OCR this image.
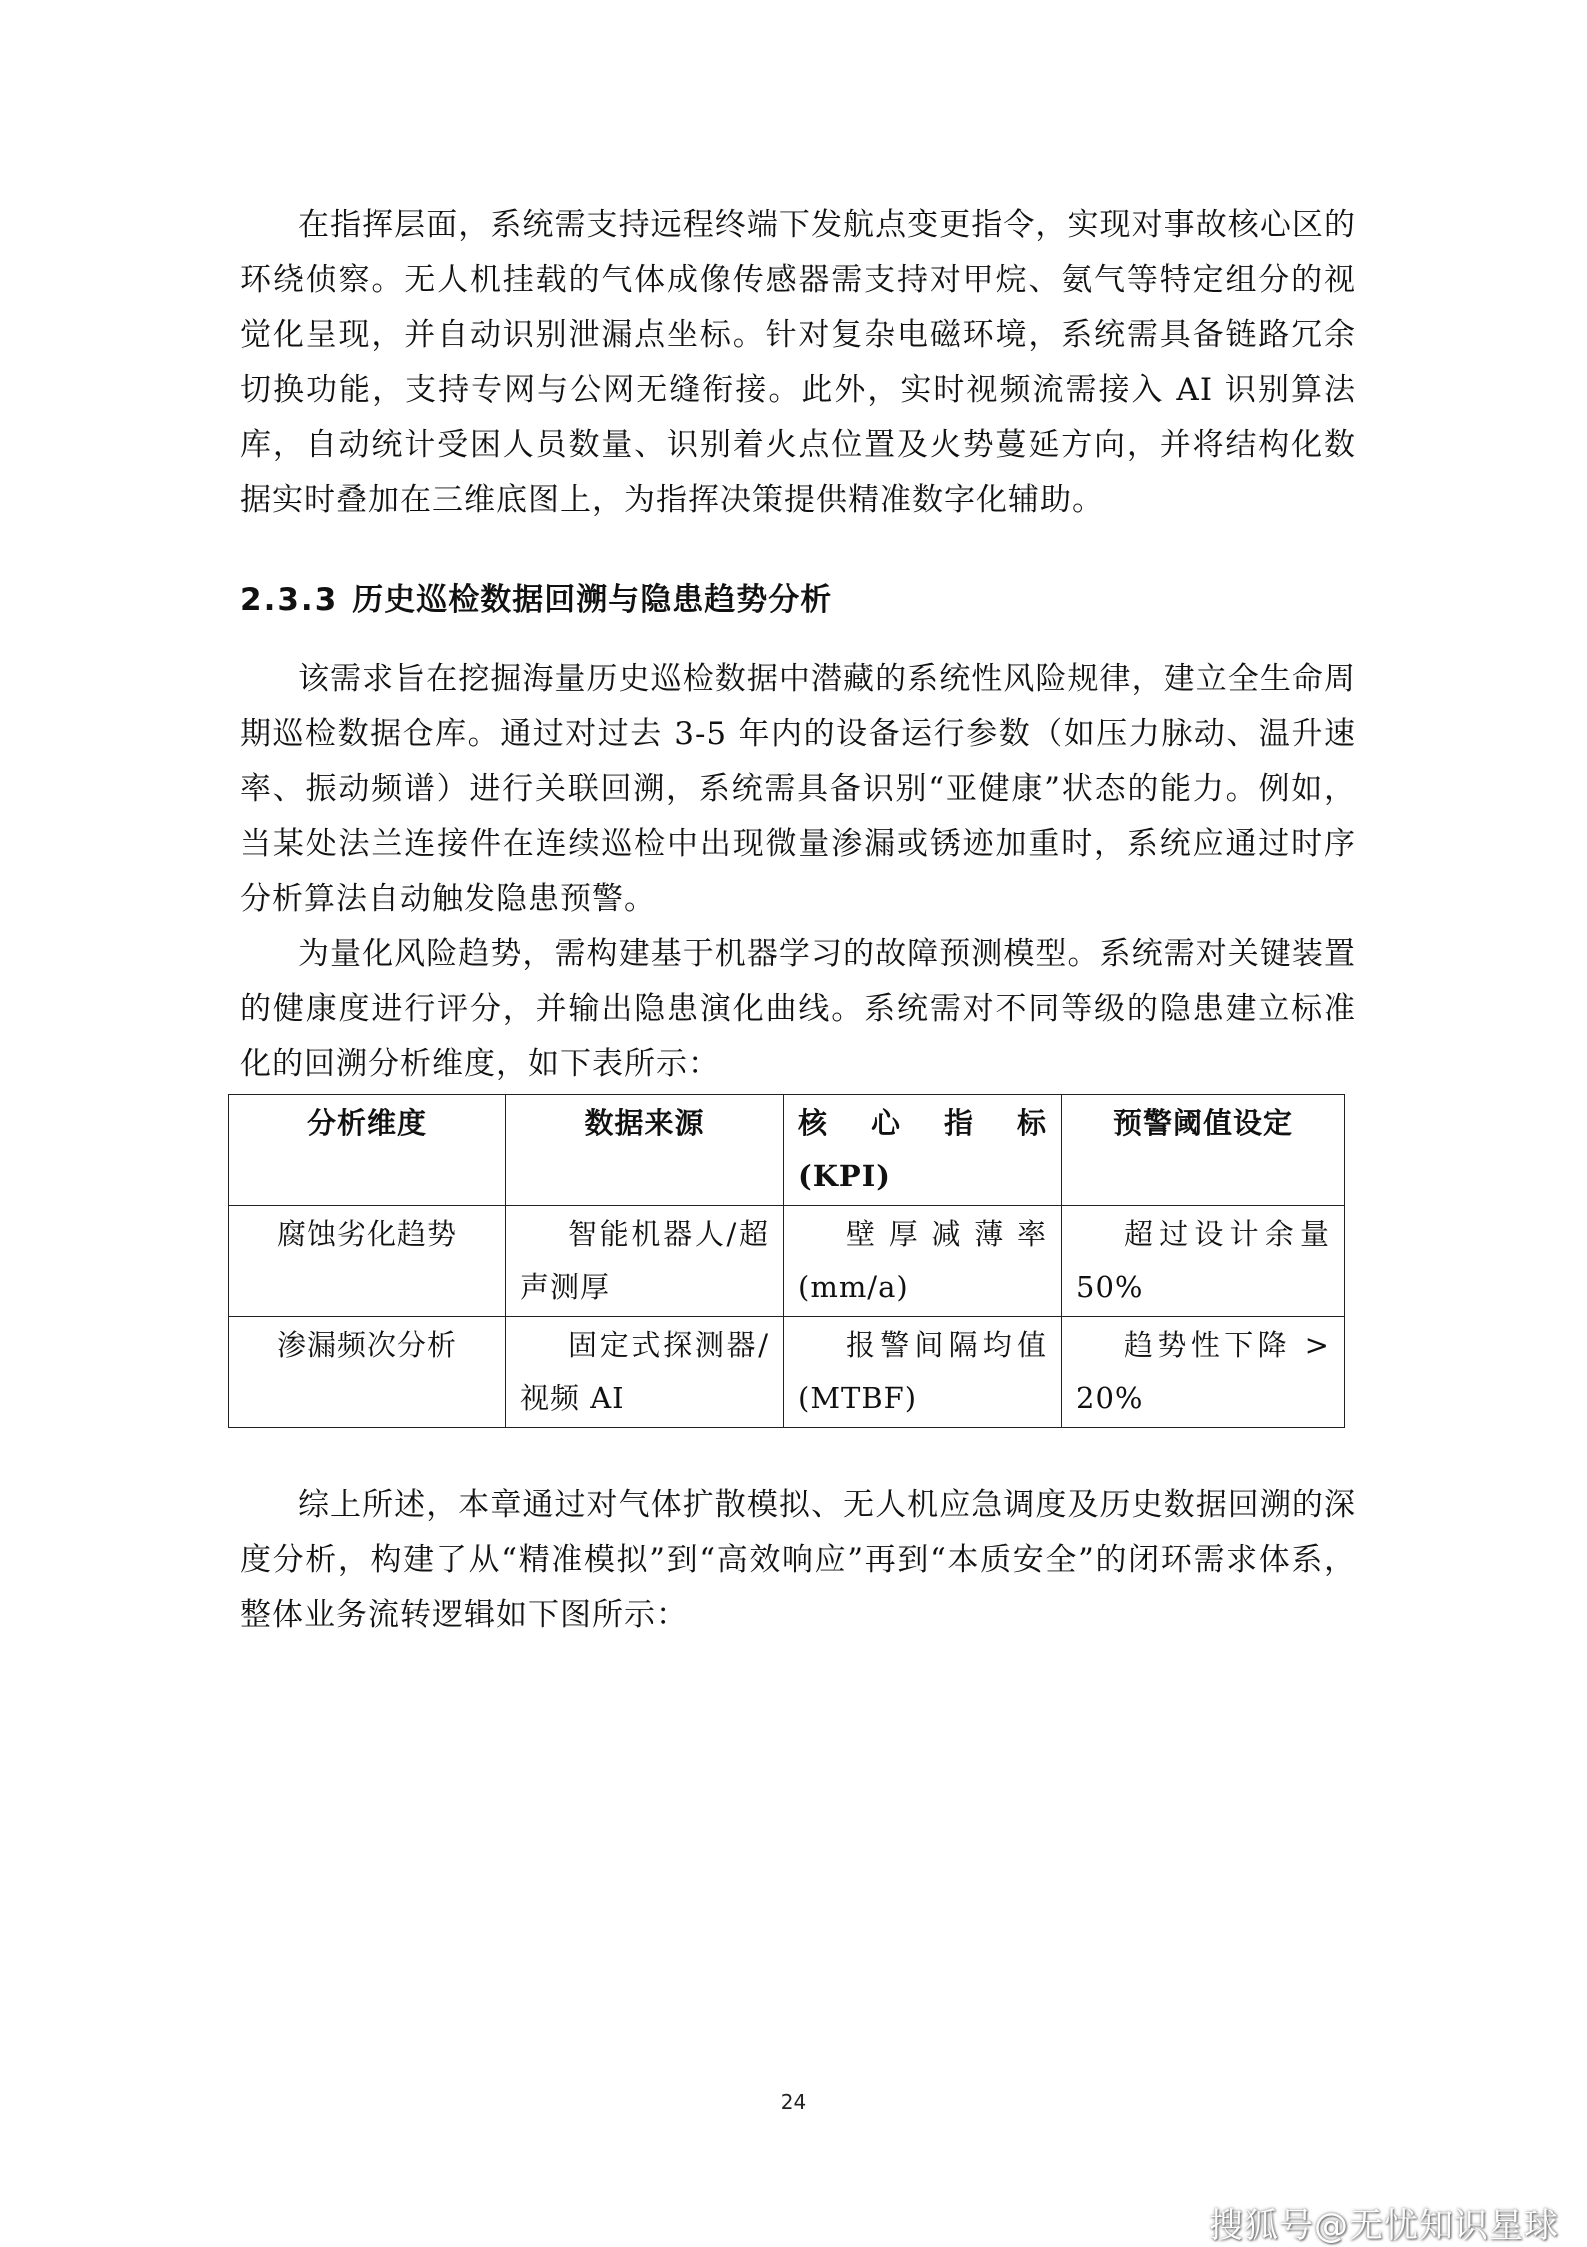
在指挥层面，系统需支持远程终端下发航点变更指令，实现对事故核心区的环绕侦察。无人机挂载的气体成像传感器需支持对甲烷、氨气等特定组分的视觉化呈现，并自动识别泄漏点坐标。针对复杂电磁环境，系统需具备链路冗余切换功能，支持专网与公网无缝衔接。此外，实时视频流需接入 AI 识别算法库，自动统计受困人员数量、识别着火点位置及火势蔓延方向，并将结构化数据实时叠加在三维底图上，为指挥决策提供精准数字化辅助。

2.3.3 历史巡检数据回溯与隐患趋势分析

该需求旨在挖掘海量历史巡检数据中潜藏的系统性风险规律，建立全生命周期巡检数据仓库。通过对过去 3-5 年内的设备运行参数（如压力脉动、温升速率、振动频谱）进行关联回溯，系统需具备识别“亚健康”状态的能力。例如，当某处法兰连接件在连续巡检中出现微量渗漏或锈迹加重时，系统应通过时序分析算法自动触发隐患预警。

为量化风险趋势，需构建基于机器学习的故障预测模型。系统需对关键装置的健康度进行评分，并输出隐患演化曲线。系统需对不同等级的隐患建立标准化的回溯分析维度，如下表所示：

分析维度	数据来源	核　心　指　标 (KPI)	预警阈值设定
腐蚀劣化趋势	智能机器人/超声测厚	壁厚减薄率 (mm/a)	超过设计余量 50%
渗漏频次分析	固定式探测器/视频 AI	报警间隔均值 (MTBF)	趋势性下降 > 20%

综上所述，本章通过对气体扩散模拟、无人机应急调度及历史数据回溯的深度分析，构建了从“精准模拟”到“高效响应”再到“本质安全”的闭环需求体系，整体业务流转逻辑如下图所示：

24
搜狐号@无忧知识星球
